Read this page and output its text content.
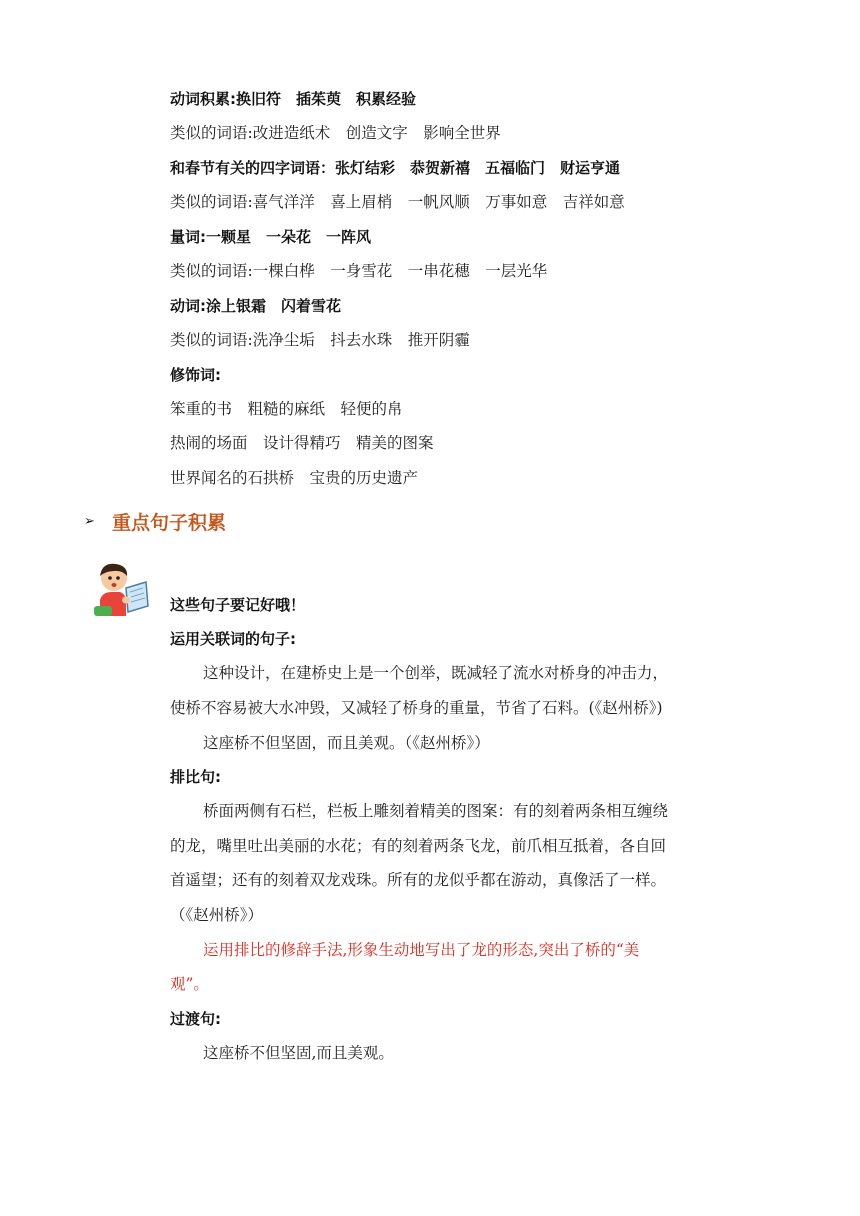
动词积累:换旧符　插茱萸　积累经验
类似的词语:改进造纸术　创造文字　影响全世界
和春节有关的四字词语：张灯结彩　恭贺新禧　五福临门　财运亨通
类似的词语:喜气洋洋　喜上眉梢　一帆风顺　万事如意　吉祥如意
量词:一颗星　一朵花　一阵风
类似的词语:一棵白桦　一身雪花　一串花穗　一层光华
动词:涂上银霜　闪着雪花
类似的词语:洗净尘垢　抖去水珠　推开阴霾
修饰词:
笨重的书　粗糙的麻纸　轻便的帛
热闹的场面　设计得精巧　精美的图案
世界闻名的石拱桥　宝贵的历史遗产
➢ 重点句子积累
这些句子要记好哦！
运用关联词的句子:
这种设计，在建桥史上是一个创举，既减轻了流水对桥身的冲击力，
使桥不容易被大水冲毁，又减轻了桥身的重量，节省了石料。(《赵州桥》)
这座桥不但坚固，而且美观。（《赵州桥》）
排比句:
桥面两侧有石栏，栏板上雕刻着精美的图案：有的刻着两条相互缠绕
的龙，嘴里吐出美丽的水花；有的刻着两条飞龙，前爪相互抵着，各自回
首遥望；还有的刻着双龙戏珠。所有的龙似乎都在游动，真像活了一样。
（《赵州桥》）
运用排比的修辞手法,形象生动地写出了龙的形态,突出了桥的“美
观”。
过渡句:
这座桥不但坚固,而且美观。
